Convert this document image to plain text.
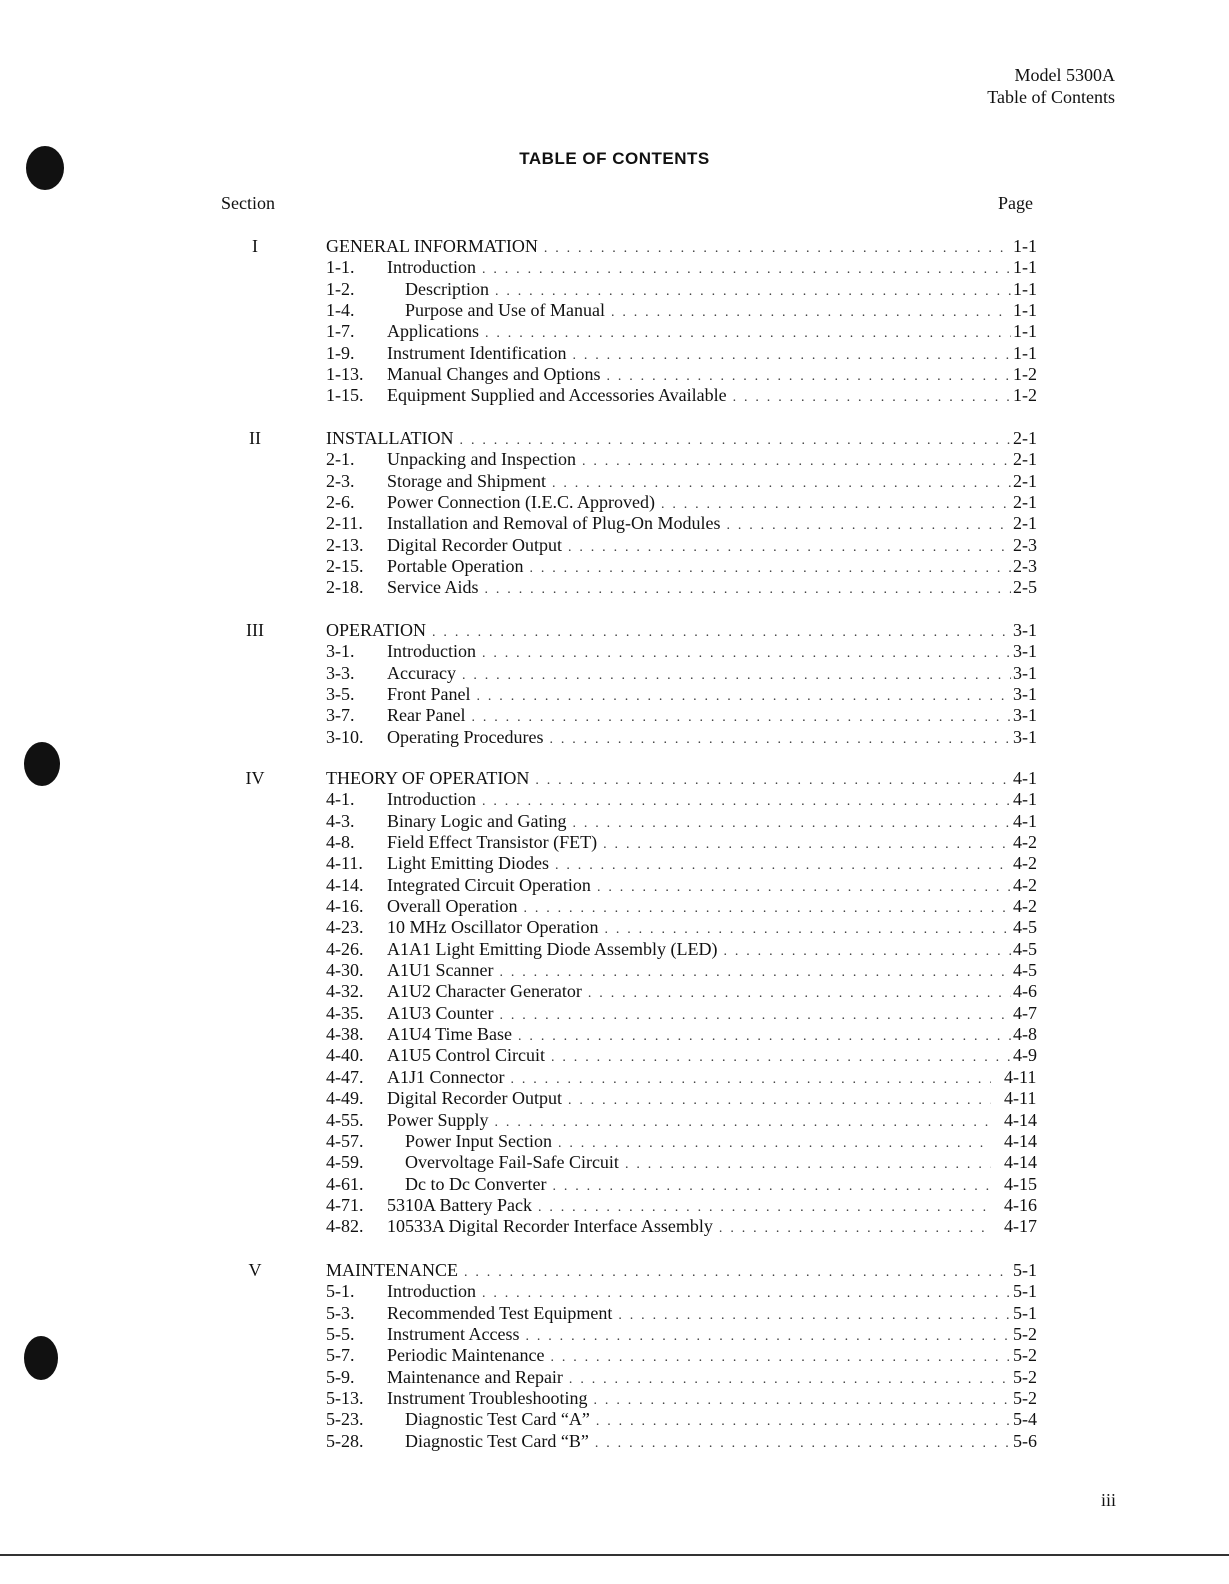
Model 5300A
Table of Contents
TABLE OF CONTENTS
Section	Page
I	GENERAL INFORMATION . . .	1-1
1-1. Introduction . . .	1-1
1-2.	Description . . .	1-1
1-4.	Purpose and Use of Manual . . .	1-1
1-7. Applications . . .	1-1
1-9. Instrument Identification . . .	1-1
1-13. Manual Changes and Options . . .	1-2
1-15. Equipment Supplied and Accessories Available . . .	1-2
II	INSTALLATION . . .	2-1
2-1. Unpacking and Inspection . . .	2-1
2-3. Storage and Shipment . . .	2-1
2-6. Power Connection (I.E.C. Approved) . . .	2-1
2-11. Installation and Removal of Plug-On Modules . . .	2-1
2-13. Digital Recorder Output . . .	2-3
2-15. Portable Operation . . .	2-3
2-18. Service Aids . . .	2-5
III	OPERATION . . .	3-1
3-1. Introduction . . .	3-1
3-3. Accuracy . . .	3-1
3-5. Front Panel . . .	3-1
3-7. Rear Panel . . .	3-1
3-10. Operating Procedures . . .	3-1
IV	THEORY OF OPERATION . . .	4-1
4-1. Introduction . . .	4-1
4-3. Binary Logic and Gating . . .	4-1
4-8. Field Effect Transistor (FET) . . .	4-2
4-11. Light Emitting Diodes . . .	4-2
4-14. Integrated Circuit Operation . . .	4-2
4-16. Overall Operation . . .	4-2
4-23. 10 MHz Oscillator Operation . . .	4-5
4-26. A1A1 Light Emitting Diode Assembly (LED) . . .	4-5
4-30. A1U1 Scanner . . .	4-5
4-32. A1U2 Character Generator . . .	4-6
4-35. A1U3 Counter . . .	4-7
4-38. A1U4 Time Base . . .	4-8
4-40. A1U5 Control Circuit . . .	4-9
4-47. A1J1 Connector . . .	4-11
4-49. Digital Recorder Output . . .	4-11
4-55. Power Supply . . .	4-14
4-57. Power Input Section . . .	4-14
4-59. Overvoltage Fail-Safe Circuit . . .	4-14
4-61. Dc to Dc Converter . . .	4-15
4-71. 5310A Battery Pack . . .	4-16
4-82. 10533A Digital Recorder Interface Assembly . . .	4-17
V	MAINTENANCE . . .	5-1
5-1. Introduction . . .	5-1
5-3. Recommended Test Equipment . . .	5-1
5-5. Instrument Access . . .	5-2
5-7. Periodic Maintenance . . .	5-2
5-9. Maintenance and Repair . . .	5-2
5-13. Instrument Troubleshooting . . .	5-2
5-23. Diagnostic Test Card “A” . . .	5-4
5-28. Diagnostic Test Card “B” . . .	5-6
iii
